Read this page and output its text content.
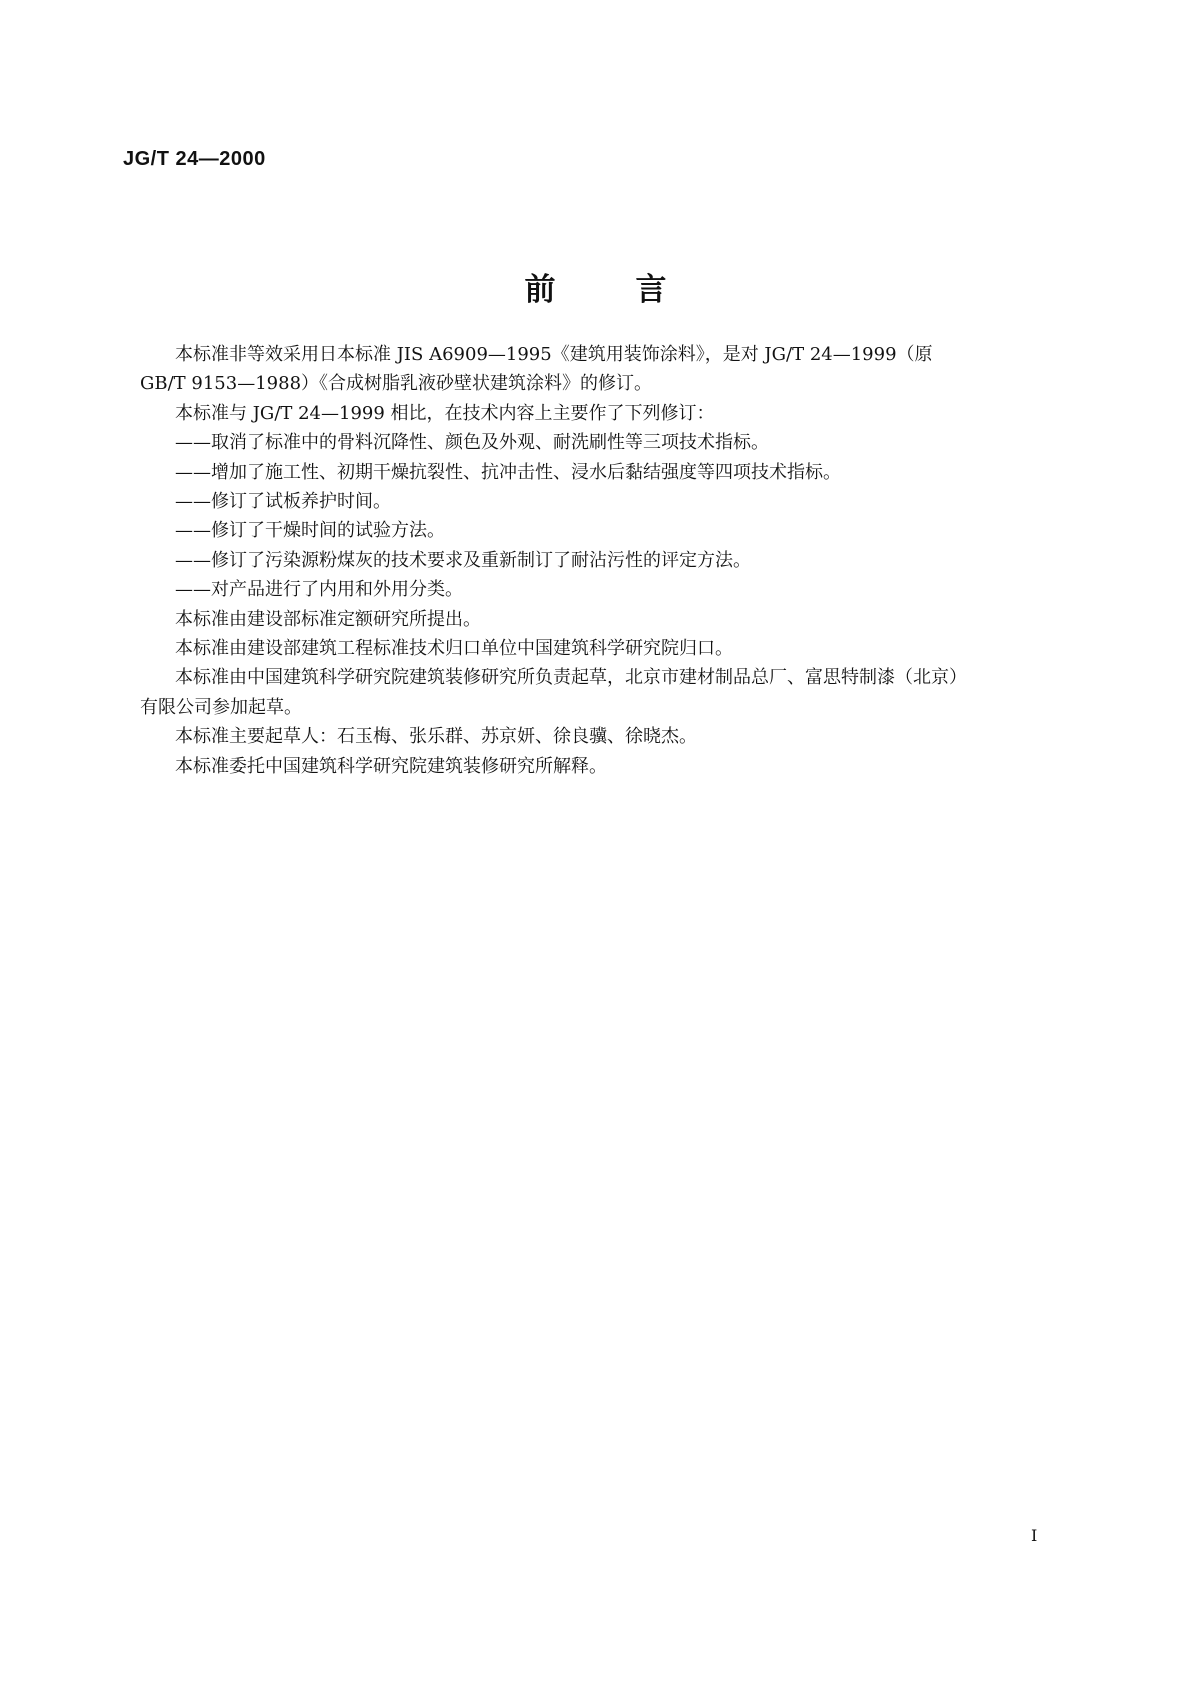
JG/T 24—2000
前	言

本标准非等效采用日本标准 JIS A6909—1995《建筑用装饰涂料》，是对 JG/T 24—1999（原

GB/T 9153—1988）《合成树脂乳液砂壁状建筑涂料》的修订。

本标准与 JG/T 24—1999 相比，在技术内容上主要作了下列修订：

——取消了标准中的骨料沉降性、颜色及外观、耐洗刷性等三项技术指标。

——增加了施工性、初期干燥抗裂性、抗冲击性、浸水后黏结强度等四项技术指标。

——修订了试板养护时间。

——修订了干燥时间的试验方法。

——修订了污染源粉煤灰的技术要求及重新制订了耐沾污性的评定方法。

——对产品进行了内用和外用分类。

本标准由建设部标准定额研究所提出。

本标准由建设部建筑工程标准技术归口单位中国建筑科学研究院归口。

本标准由中国建筑科学研究院建筑装修研究所负责起草，北京市建材制品总厂、富思特制漆（北京）

有限公司参加起草。

本标准主要起草人：石玉梅、张乐群、苏京妍、徐良骥、徐晓杰。

本标准委托中国建筑科学研究院建筑装修研究所解释。

I
